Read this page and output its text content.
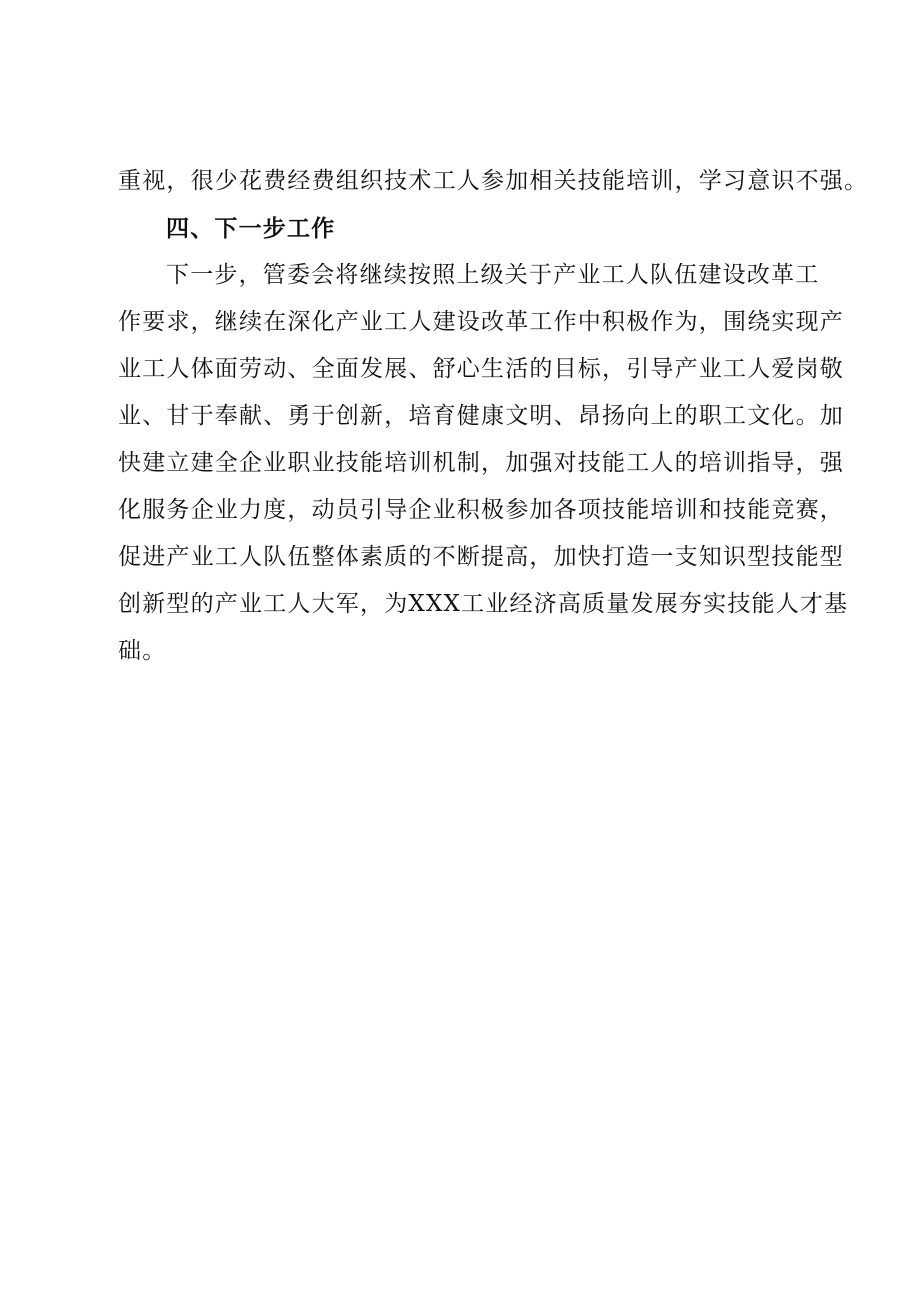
重视，很少花费经费组织技术工人参加相关技能培训，学习意识不强。
四、下一步工作
下一步，管委会将继续按照上级关于产业工人队伍建设改革工
作要求，继续在深化产业工人建设改革工作中积极作为，围绕实现产
业工人体面劳动、全面发展、舒心生活的目标，引导产业工人爱岗敬
业、甘于奉献、勇于创新，培育健康文明、昂扬向上的职工文化。加
快建立建全企业职业技能培训机制，加强对技能工人的培训指导，强
化服务企业力度，动员引导企业积极参加各项技能培训和技能竞赛，
促进产业工人队伍整体素质的不断提高，加快打造一支知识型技能型
创新型的产业工人大军，为XXX工业经济高质量发展夯实技能人才基
础。
